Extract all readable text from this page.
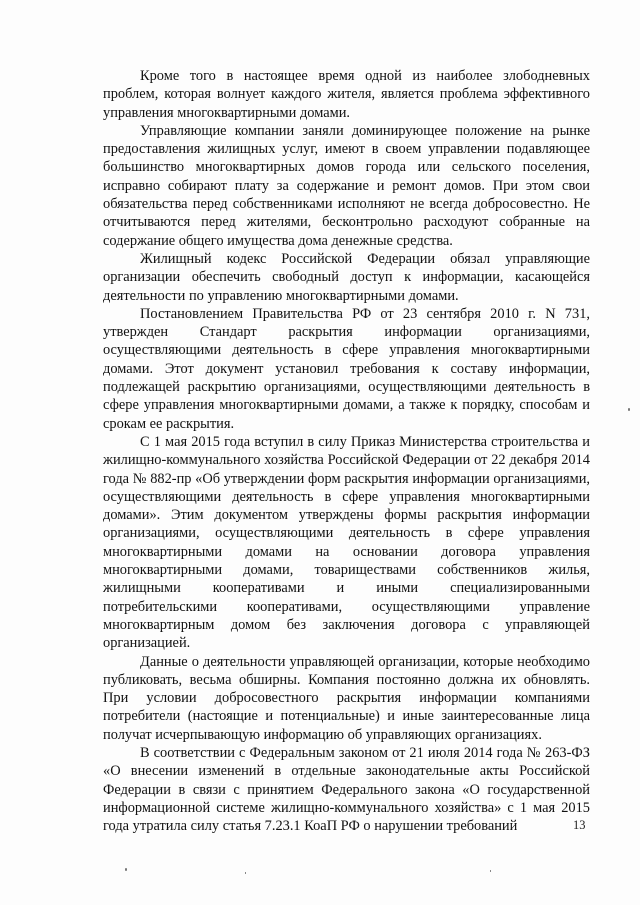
Кроме того в настоящее время одной из наиболее злободневных проблем, которая волнует каждого жителя, является проблема эффективного управления многоквартирными домами.

Управляющие компании заняли доминирующее положение на рынке предоставления жилищных услуг, имеют в своем управлении подавляющее большинство многоквартирных домов города или сельского поселения, исправно собирают плату за содержание и ремонт домов. При этом свои обязательства перед собственниками исполняют не всегда добросовестно. Не отчитываются перед жителями, бесконтрольно расходуют собранные на содержание общего имущества дома денежные средства.

Жилищный кодекс Российской Федерации обязал управляющие организации обеспечить свободный доступ к информации, касающейся деятельности по управлению многоквартирными домами.

Постановлением Правительства РФ от 23 сентября 2010 г. N 731, утвержден Стандарт раскрытия информации организациями, осуществляющими деятельность в сфере управления многоквартирными домами. Этот документ установил требования к составу информации, подлежащей раскрытию организациями, осуществляющими деятельность в сфере управления многоквартирными домами, а также к порядку, способам и срокам ее раскрытия.

С 1 мая 2015 года вступил в силу Приказ Министерства строительства и жилищно-коммунального хозяйства Российской Федерации от 22 декабря 2014 года № 882-пр «Об утверждении форм раскрытия информации организациями, осуществляющими деятельность в сфере управления многоквартирными домами». Этим документом утверждены формы раскрытия информации организациями, осуществляющими деятельность в сфере управления многоквартирными домами на основании договора управления многоквартирными домами, товариществами собственников жилья, жилищными кооперативами и иными специализированными потребительскими кооперативами, осуществляющими управление многоквартирным домом без заключения договора с управляющей организацией.

Данные о деятельности управляющей организации, которые необходимо публиковать, весьма обширны. Компания постоянно должна их обновлять. При условии добросовестного раскрытия информации компаниями потребители (настоящие и потенциальные) и иные заинтересованные лица получат исчерпывающую информацию об управляющих организациях.

В соответствии с Федеральным законом от 21 июля 2014 года № 263-ФЗ «О внесении изменений в отдельные законодательные акты Российской Федерации в связи с принятием Федерального закона «О государственной информационной системе жилищно-коммунального хозяйства» с 1 мая 2015 года утратила силу статья 7.23.1 КоаП РФ о нарушении требований	13
